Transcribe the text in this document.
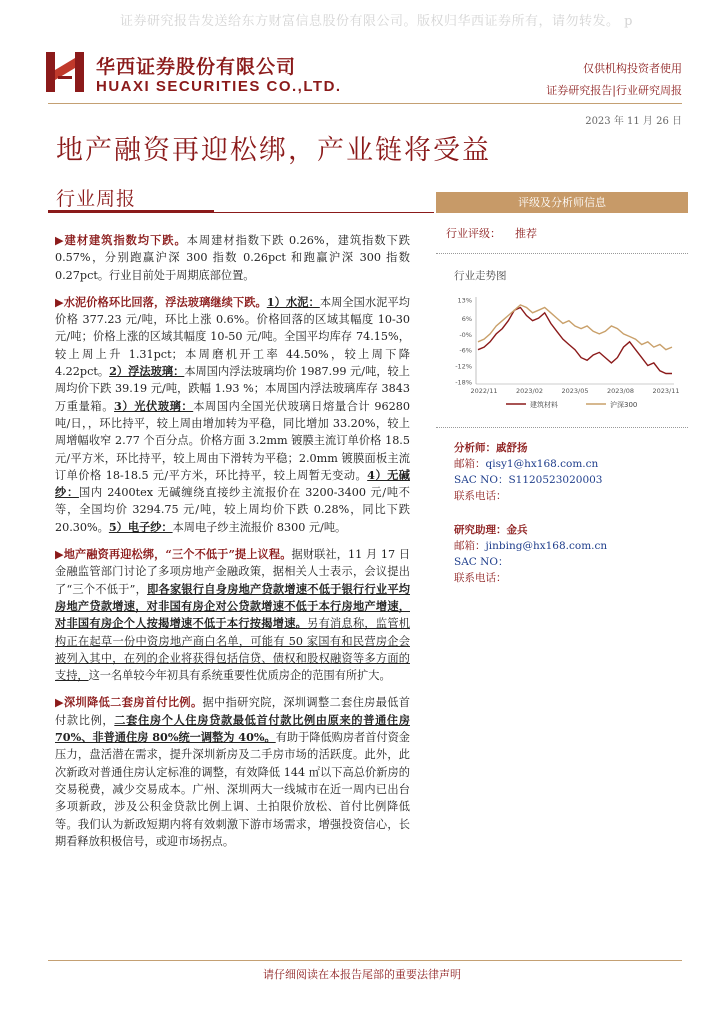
证券研究报告发送给东方财富信息股份有限公司。版权归华西证券所有，请勿转发。 p
华西证券股份有限公司
HUAXI SECURITIES CO.,LTD.
仅供机构投资者使用
证券研究报告|行业研究周报
2023 年 11 月 26 日
地产融资再迎松绑，产业链将受益
行业周报

▶建材建筑指数均下跌。本周建材指数下跌 0.26%，建筑指数下跌 0.57%，分别跑赢沪深 300 指数 0.26pct 和跑赢沪深 300 指数 0.27pct。行业目前处于周期底部位置。

▶水泥价格环比回落，浮法玻璃继续下跌。1）水泥：本周全国水泥平均价格 377.23 元/吨，环比上涨 0.6%。价格回落的区域其幅度 10-30 元/吨；价格上涨的区域其幅度 10-50 元/吨。全国平均库存 74.15%，较上周上升 1.31pct；本周磨机开工率 44.50%，较上周下降 4.22pct。2）浮法玻璃：本周国内浮法玻璃均价 1987.99 元/吨，较上周均价下跌 39.19 元/吨，跌幅 1.93 %；本周国内浮法玻璃库存 3843 万重量箱。3）光伏玻璃：本周国内全国光伏玻璃日熔量合计 96280 吨/日，，环比持平，较上周由增加转为平稳，同比增加 33.20%，较上周增幅收窄 2.77 个百分点。价格方面 3.2mm 镀膜主流订单价格 18.5 元/平方米，环比持平，较上周由下滑转为平稳；2.0mm 镀膜面板主流订单价格 18-18.5 元/平方米，环比持平，较上周暂无变动。4）无碱纱：国内 2400tex 无碱缠绕直接纱主流报价在 3200-3400 元/吨不等，全国均价 3294.75 元/吨，较上周均价下跌 0.28%，同比下跌 20.30%。5）电子纱：本周电子纱主流报价 8300 元/吨。

▶地产融资再迎松绑，“三个不低于”提上议程。据财联社，11 月 17 日金融监管部门讨论了多项房地产金融政策，据相关人士表示，会议提出了“三个不低于”，即各家银行自身房地产贷款增速不低于银行行业平均房地产贷款增速，对非国有房企对公贷款增速不低于本行房地产增速，对非国有房企个人按揭增速不低于本行按揭增速。另有消息称，监管机构正在起草一份中资房地产商白名单，可能有 50 家国有和民营房企会被列入其中，在列的企业将获得包括信贷、债权和股权融资等多方面的支持，这一名单较今年初具有系统重要性优质房企的范围有所扩大。

▶深圳降低二套房首付比例。据中指研究院，深圳调整二套住房最低首付款比例，二套住房个人住房贷款最低首付款比例由原来的普通住房 70%、非普通住房 80%统一调整为 40%。有助于降低购房者首付资金压力，盘活潜在需求，提升深圳新房及二手房市场的活跃度。此外，此次新政对普通住房认定标准的调整，有效降低 144 ㎡以下高总价新房的交易税费，减少交易成本。广州、深圳两大一线城市在近一周内已出台多项新政，涉及公积金贷款比例上调、土拍限价放松、首付比例降低等。我们认为新政短期内将有效刺激下游市场需求，增强投资信心，长期看释放积极信号，或迎市场拐点。

评级及分析师信息
行业评级： 推荐
行业走势图
13%
6%
-0%
-6%
-12%
-18%
2022/11	2023/02	2023/05	2023/08	2023/11
建筑材料	沪深300
分析师：戚舒扬
邮箱：qisy1@hx168.com.cn
SAC NO：S1120523020003
联系电话：
研究助理：金兵
邮箱：jinbing@hx168.com.cn
SAC NO：
联系电话：
请仔细阅读在本报告尾部的重要法律声明
